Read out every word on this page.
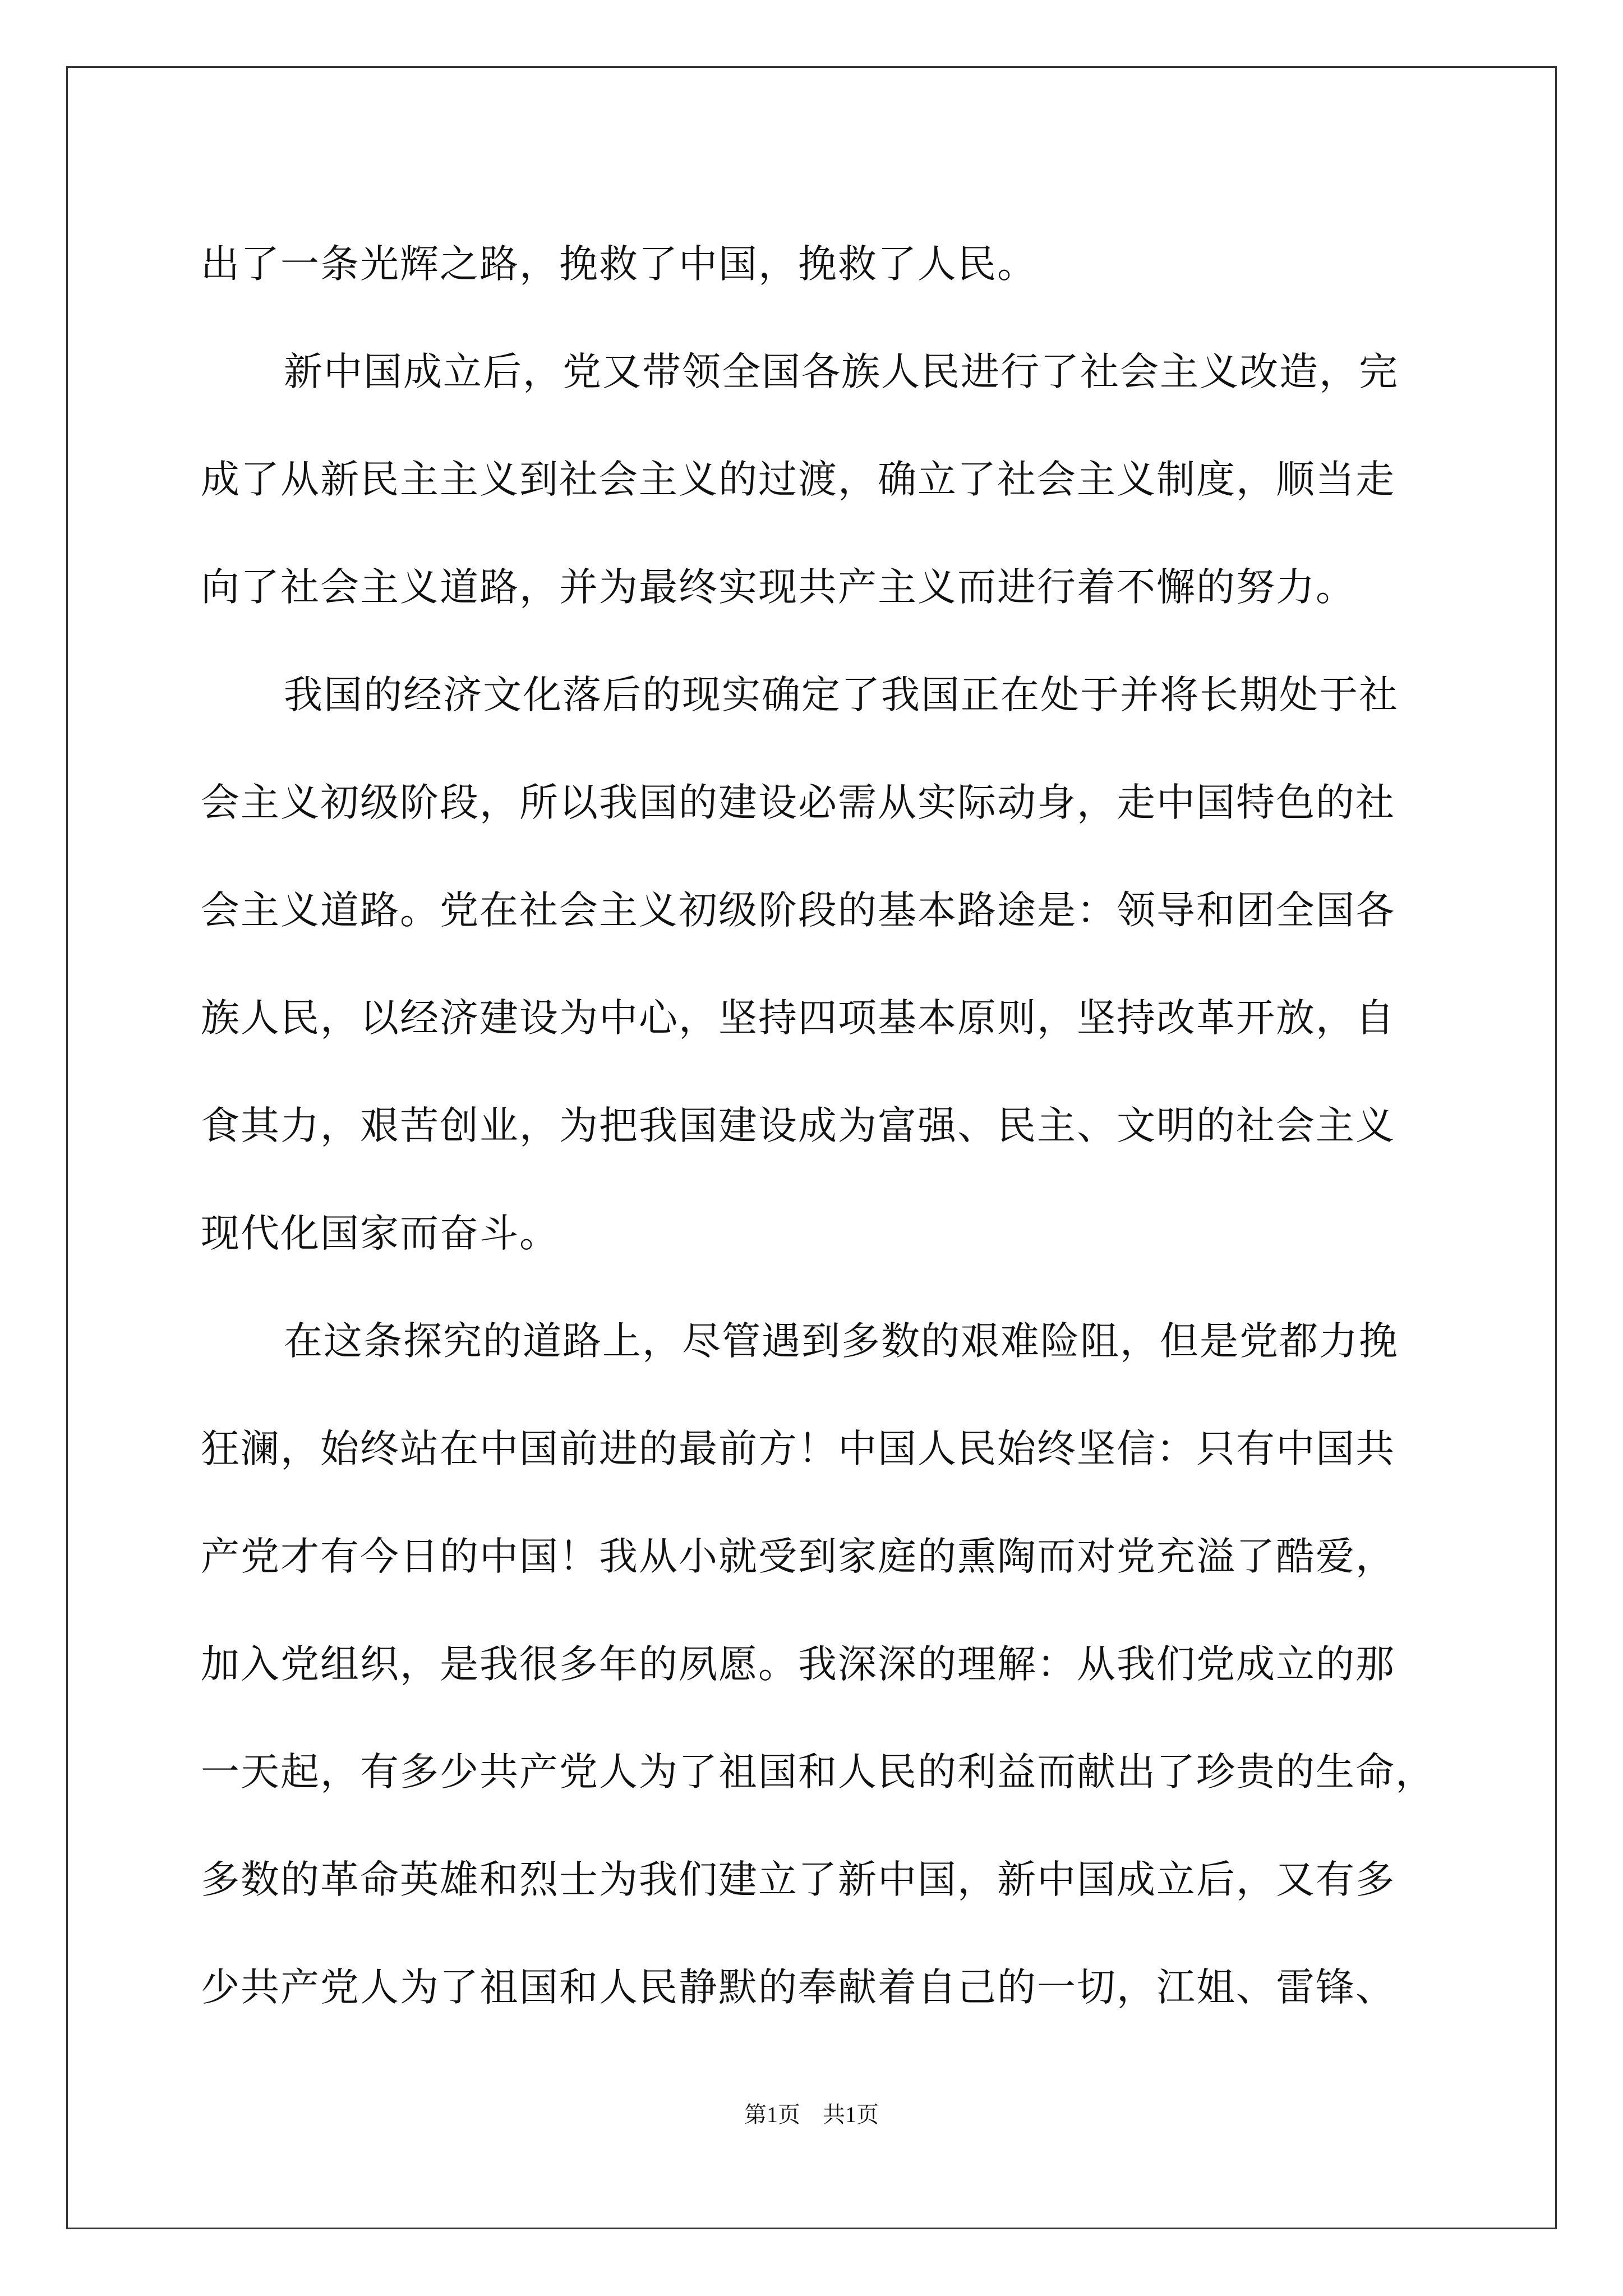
出了一条光辉之路，挽救了中国，挽救了人民。
新中国成立后，党又带领全国各族人民进行了社会主义改造，完
成了从新民主主义到社会主义的过渡，确立了社会主义制度，顺当走
向了社会主义道路，并为最终实现共产主义而进行着不懈的努力。
我国的经济文化落后的现实确定了我国正在处于并将长期处于社
会主义初级阶段，所以我国的建设必需从实际动身，走中国特色的社
会主义道路。党在社会主义初级阶段的基本路途是：领导和团全国各
族人民，以经济建设为中心，坚持四项基本原则，坚持改革开放，自
食其力，艰苦创业，为把我国建设成为富强、民主、文明的社会主义
现代化国家而奋斗。
在这条探究的道路上，尽管遇到多数的艰难险阻，但是党都力挽
狂澜，始终站在中国前进的最前方！中国人民始终坚信：只有中国共
产党才有今日的中国！我从小就受到家庭的熏陶而对党充溢了酷爱，
加入党组织，是我很多年的夙愿。我深深的理解：从我们党成立的那
一天起，有多少共产党人为了祖国和人民的利益而献出了珍贵的生命，
多数的革命英雄和烈士为我们建立了新中国，新中国成立后，又有多
少共产党人为了祖国和人民静默的奉献着自己的一切，江姐、雷锋、
第1页　共1页
